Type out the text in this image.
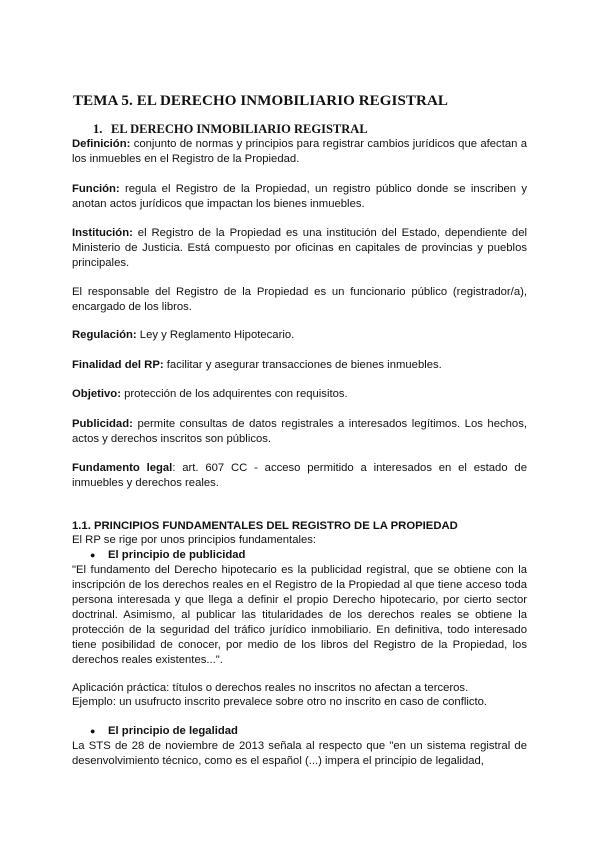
TEMA 5. EL DERECHO INMOBILIARIO REGISTRAL
1. EL DERECHO INMOBILIARIO REGISTRAL
Definición: conjunto de normas y principios para registrar cambios jurídicos que afectan a los inmuebles en el Registro de la Propiedad.
Función: regula el Registro de la Propiedad, un registro público donde se inscriben y anotan actos jurídicos que impactan los bienes inmuebles.
Institución: el Registro de la Propiedad es una institución del Estado, dependiente del Ministerio de Justicia. Está compuesto por oficinas en capitales de provincias y pueblos principales.
El responsable del Registro de la Propiedad es un funcionario público (registrador/a), encargado de los libros.
Regulación: Ley y Reglamento Hipotecario.
Finalidad del RP: facilitar y asegurar transacciones de bienes inmuebles.
Objetivo: protección de los adquirentes con requisitos.
Publicidad: permite consultas de datos registrales a interesados legítimos. Los hechos, actos y derechos inscritos son públicos.
Fundamento legal: art. 607 CC - acceso permitido a interesados en el estado de inmuebles y derechos reales.
1.1. PRINCIPIOS FUNDAMENTALES DEL REGISTRO DE LA PROPIEDAD
El RP se rige por unos principios fundamentales:
● El principio de publicidad
"El fundamento del Derecho hipotecario es la publicidad registral, que se obtiene con la inscripción de los derechos reales en el Registro de la Propiedad al que tiene acceso toda persona interesada y que llega a definir el propio Derecho hipotecario, por cierto sector doctrinal. Asimismo, al publicar las titularidades de los derechos reales se obtiene la protección de la seguridad del tráfico jurídico inmobiliario. En definitiva, todo interesado tiene posibilidad de conocer, por medio de los libros del Registro de la Propiedad, los derechos reales existentes...".
Aplicación práctica: títulos o derechos reales no inscritos no afectan a terceros.
Ejemplo: un usufructo inscrito prevalece sobre otro no inscrito en caso de conflicto.
● El principio de legalidad
La STS de 28 de noviembre de 2013 señala al respecto que "en un sistema registral de desenvolvimiento técnico, como es el español (...) impera el principio de legalidad,
